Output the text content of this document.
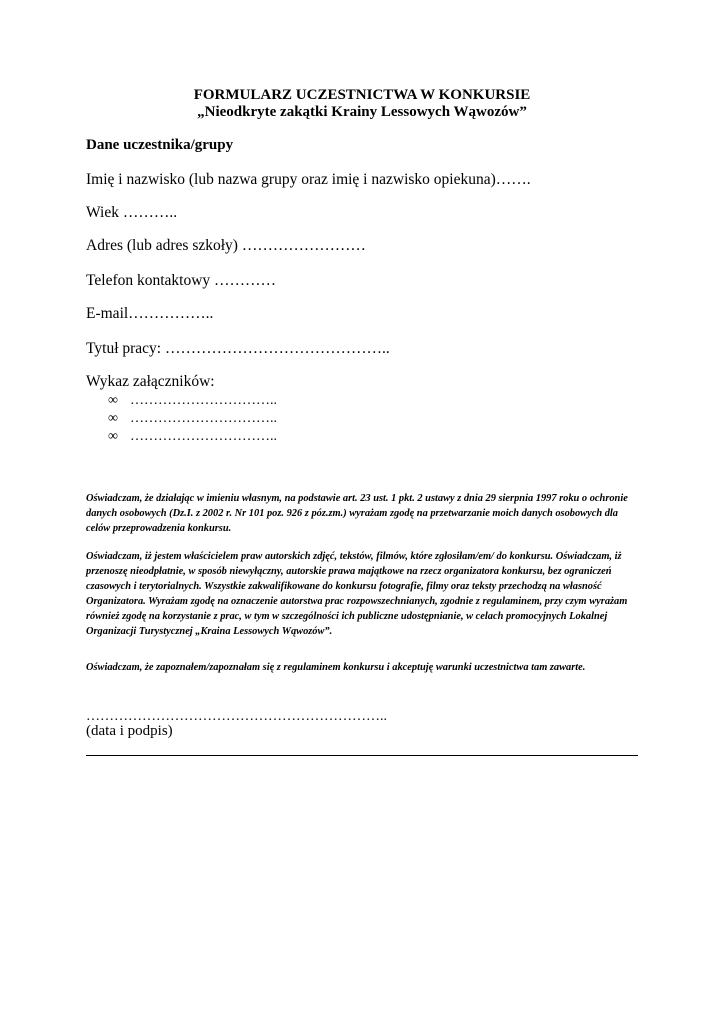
FORMULARZ UCZESTNICTWA W KONKURSIE
„Nieodkryte zakątki Krainy Lessowych Wąwozów”
Dane uczestnika/grupy
Imię i nazwisko (lub nazwa grupy oraz imię i nazwisko opiekuna)…….
Wiek ………..
Adres (lub adres szkoły) ……………………
Telefon kontaktowy …………
E-mail……………..
Tytuł pracy: ……………………………………..
Wykaz załączników:
∞ …………………………..
∞ …………………………..
∞ …………………………..

Oświadczam, że działając w imieniu własnym, na podstawie art. 23 ust. 1 pkt. 2 ustawy z dnia 29 sierpnia 1997 roku o ochronie danych osobowych (Dz.I. z 2002 r. Nr 101 poz. 926 z póz.zm.) wyrażam zgodę na przetwarzanie moich danych osobowych dla celów przeprowadzenia konkursu.

Oświadczam, iż jestem właścicielem praw autorskich zdjęć, tekstów, filmów, które zgłosiłam/em/ do konkursu. Oświadczam, iż przenoszę nieodpłatnie, w sposób niewyłączny, autorskie prawa majątkowe na rzecz organizatora konkursu, bez ograniczeń czasowych i terytorialnych. Wszystkie zakwalifikowane do konkursu fotografie, filmy oraz teksty przechodzą na własność Organizatora. Wyrażam zgodę na oznaczenie autorstwa prac rozpowszechnianych, zgodnie z regulaminem, przy czym wyrażam również zgodę na korzystanie z prac, w tym w szczególności ich publiczne udostępnianie, w celach promocyjnych Lokalnej Organizacji Turystycznej „Kraina Lessowych Wąwozów”.

Oświadczam, że zapoznałem/zapoznałam się z regulaminem konkursu i akceptuję warunki uczestnictwa tam zawarte.

………………………………………………………..
(data i podpis)
